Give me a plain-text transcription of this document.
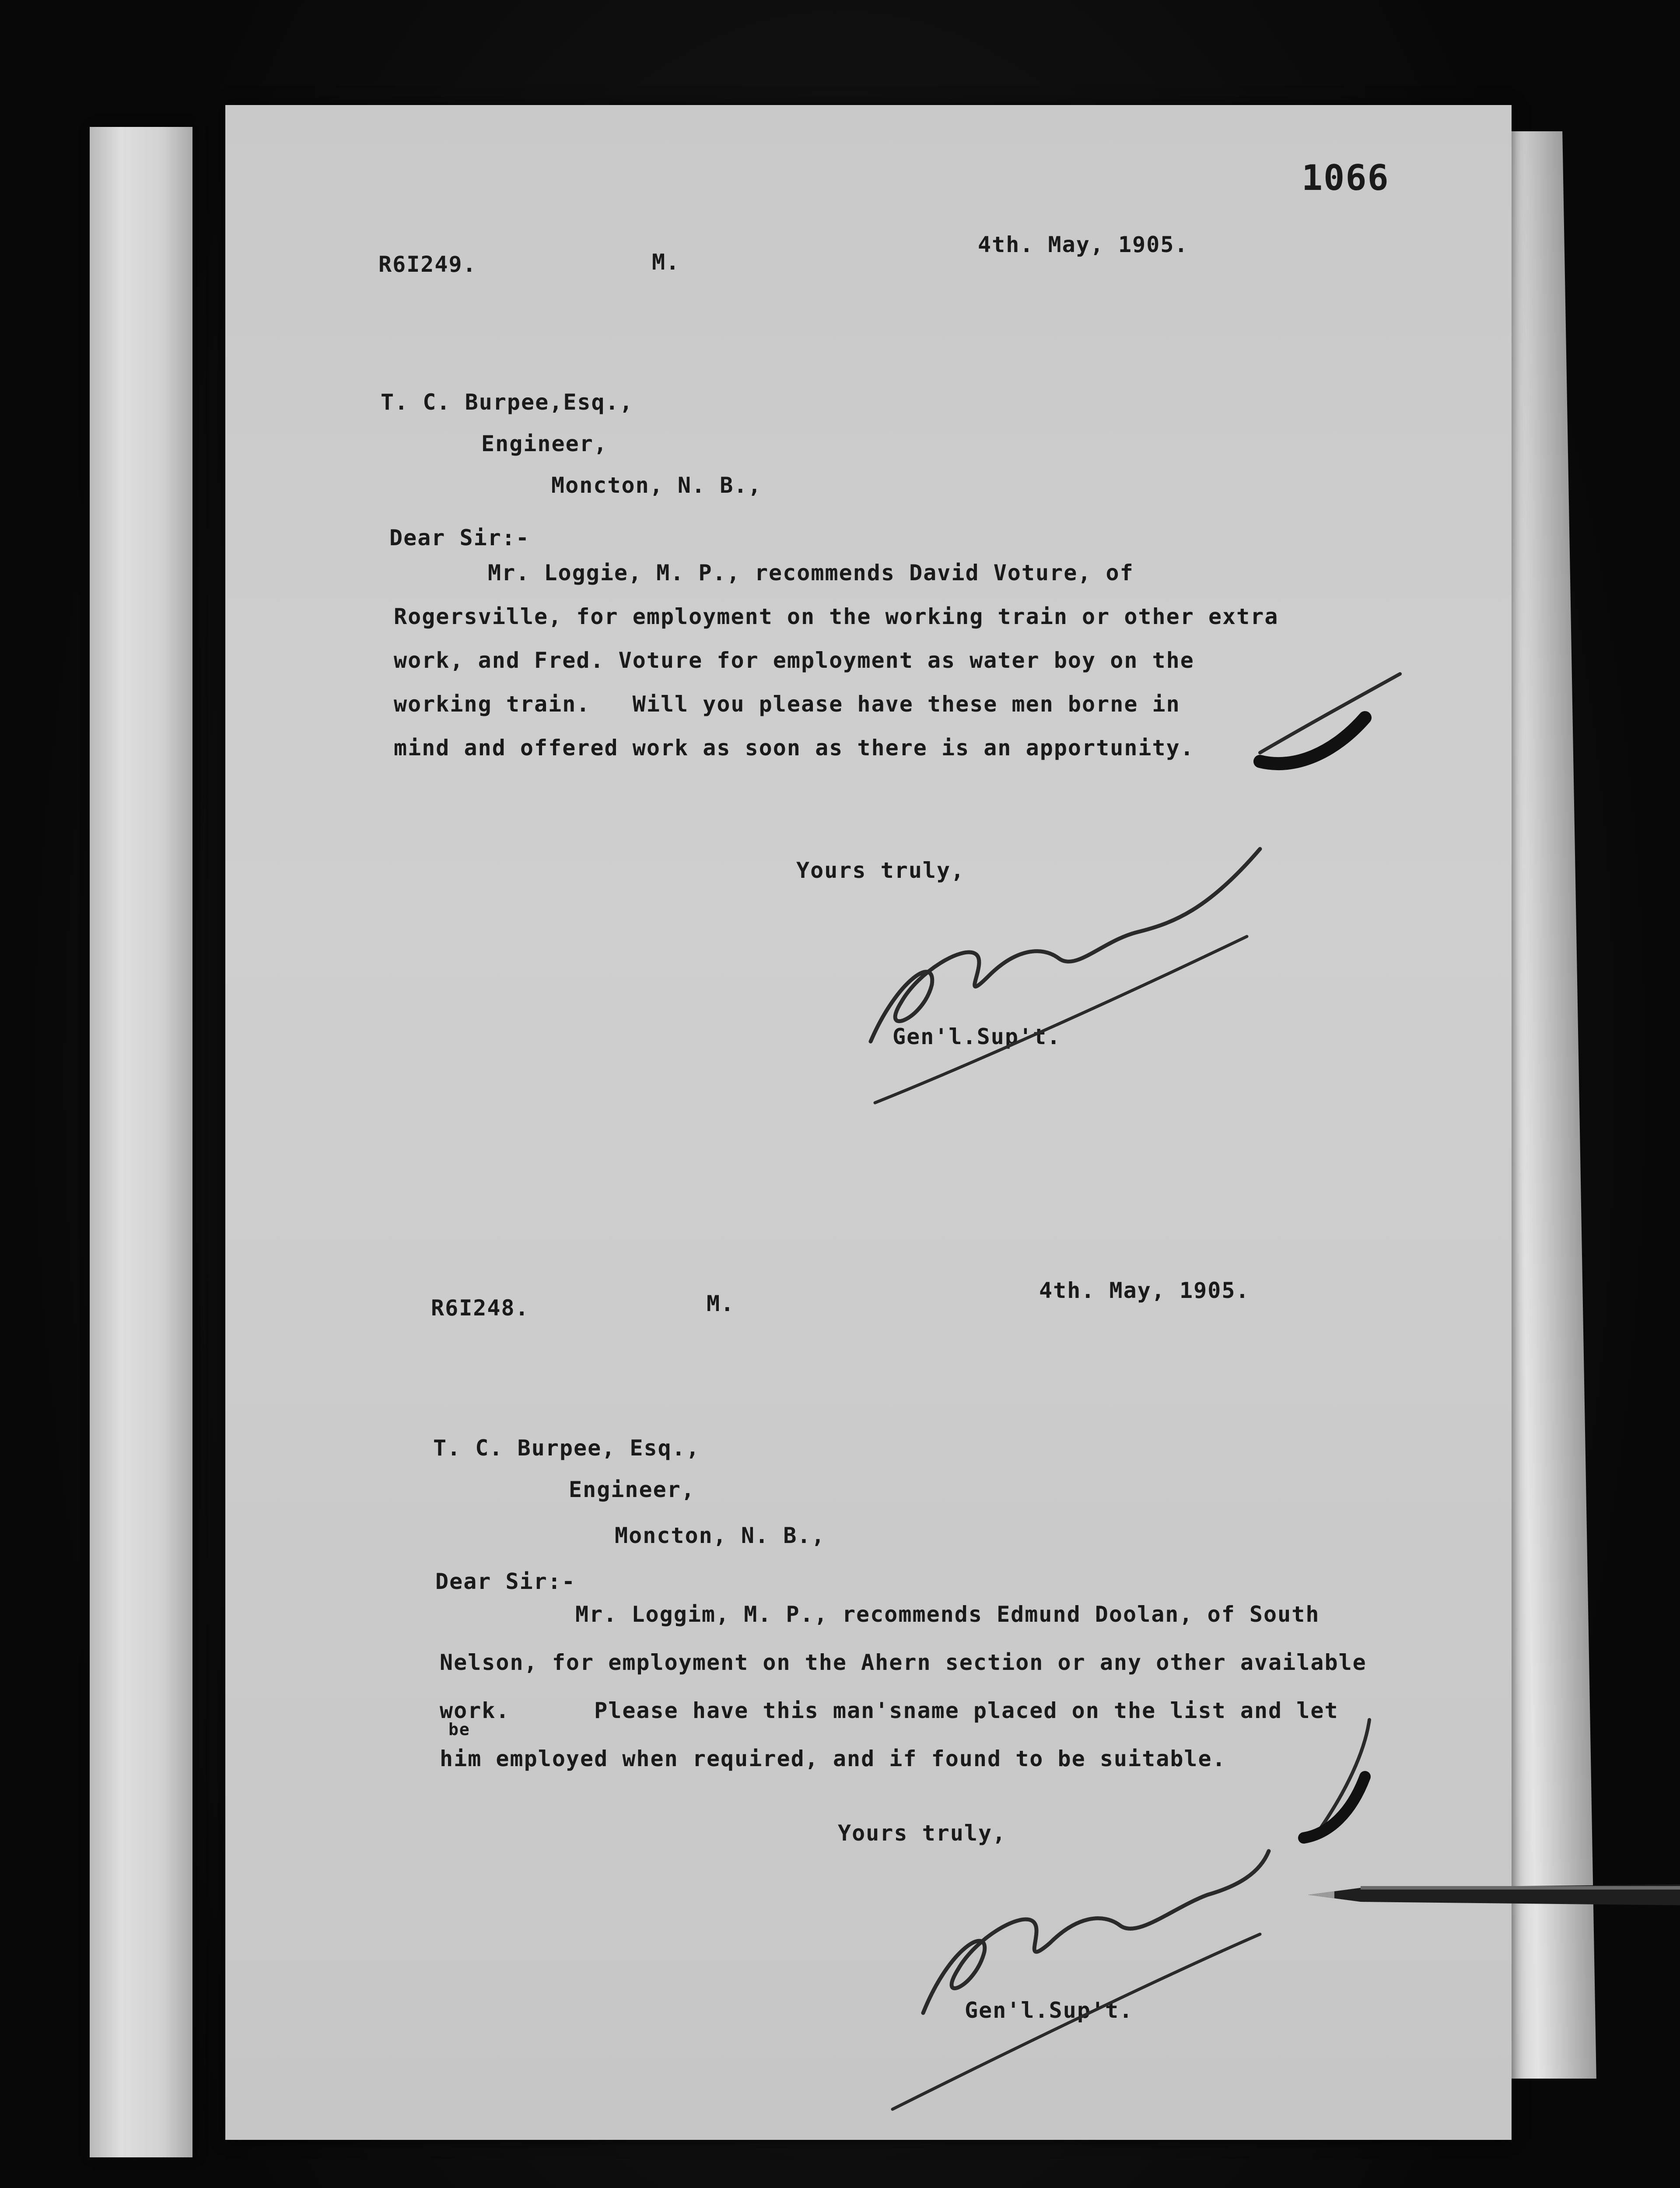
1066
R6I249.	M.
4th. May, 1905.
T. C. Burpee,Esq.,
Engineer,
Moncton, N. B.,
Dear Sir:-
Mr. Loggie, M. P., recommends David Voture, of
Rogersville, for employment on the working train or other extra
work, and Fred. Voture for employment as water boy on the
working train.   Will you please have these men borne in
mind and offered work as soon as there is an apportunity.
Yours truly,
Gen'l.Sup't.
R6I248.	M.
4th. May, 1905.
T. C. Burpee, Esq.,
Engineer,
Moncton, N. B.,
Dear Sir:-
Mr. Loggim, M. P., recommends Edmund Doolan, of South
Nelson, for employment on the Ahern section or any other available
work.      Please have this man'sname placed on the list and let
be
him employed when required, and if found to be suitable.
Yours truly,
Gen'l.Sup't.
